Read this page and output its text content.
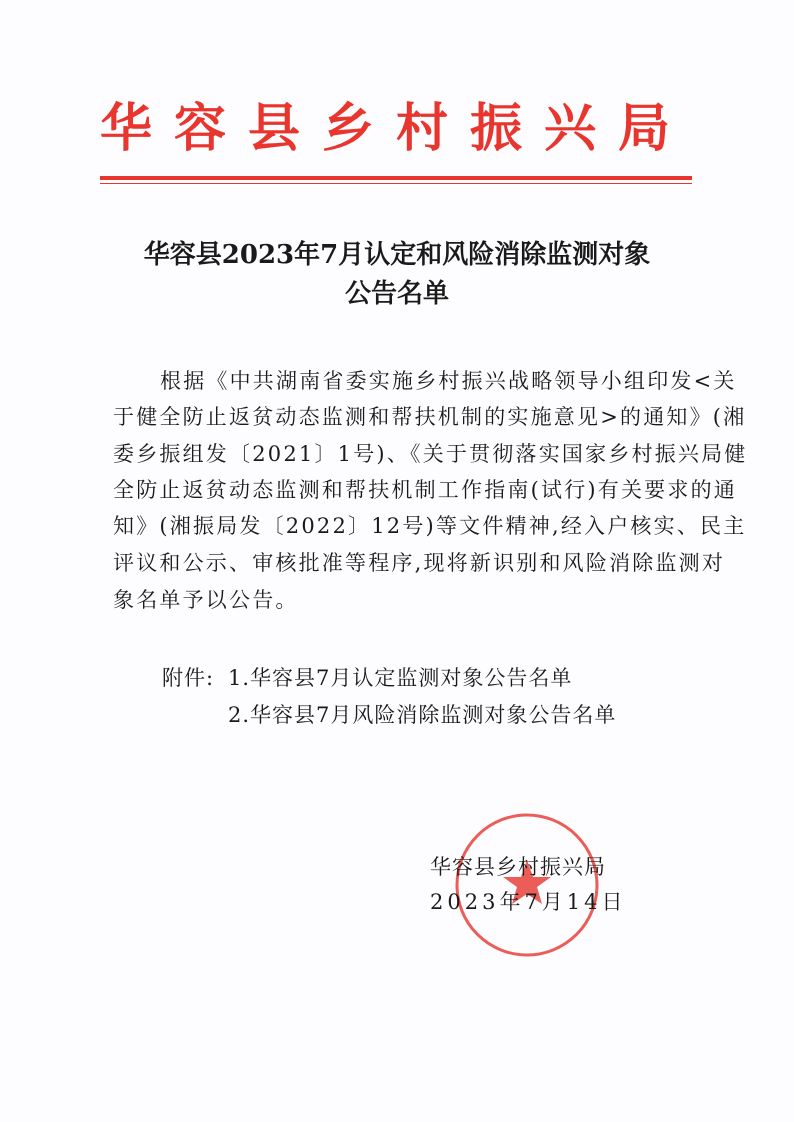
华容县乡村振兴局
华容县2023年7月认定和风险消除监测对象
公告名单
根据《中共湖南省委实施乡村振兴战略领导小组印发<关
于健全防止返贫动态监测和帮扶机制的实施意见>的通知》(湘
委乡振组发〔2021〕1号)、《关于贯彻落实国家乡村振兴局健
全防止返贫动态监测和帮扶机制工作指南(试行)有关要求的通
知》(湘振局发〔2022〕12号)等文件精神,经入户核实、民主
评议和公示、审核批准等程序,现将新识别和风险消除监测对
象名单予以公告。
附件: 1.华容县7月认定监测对象公告名单
2.华容县7月风险消除监测对象公告名单
华容县乡村振兴局
2023年7月14日
